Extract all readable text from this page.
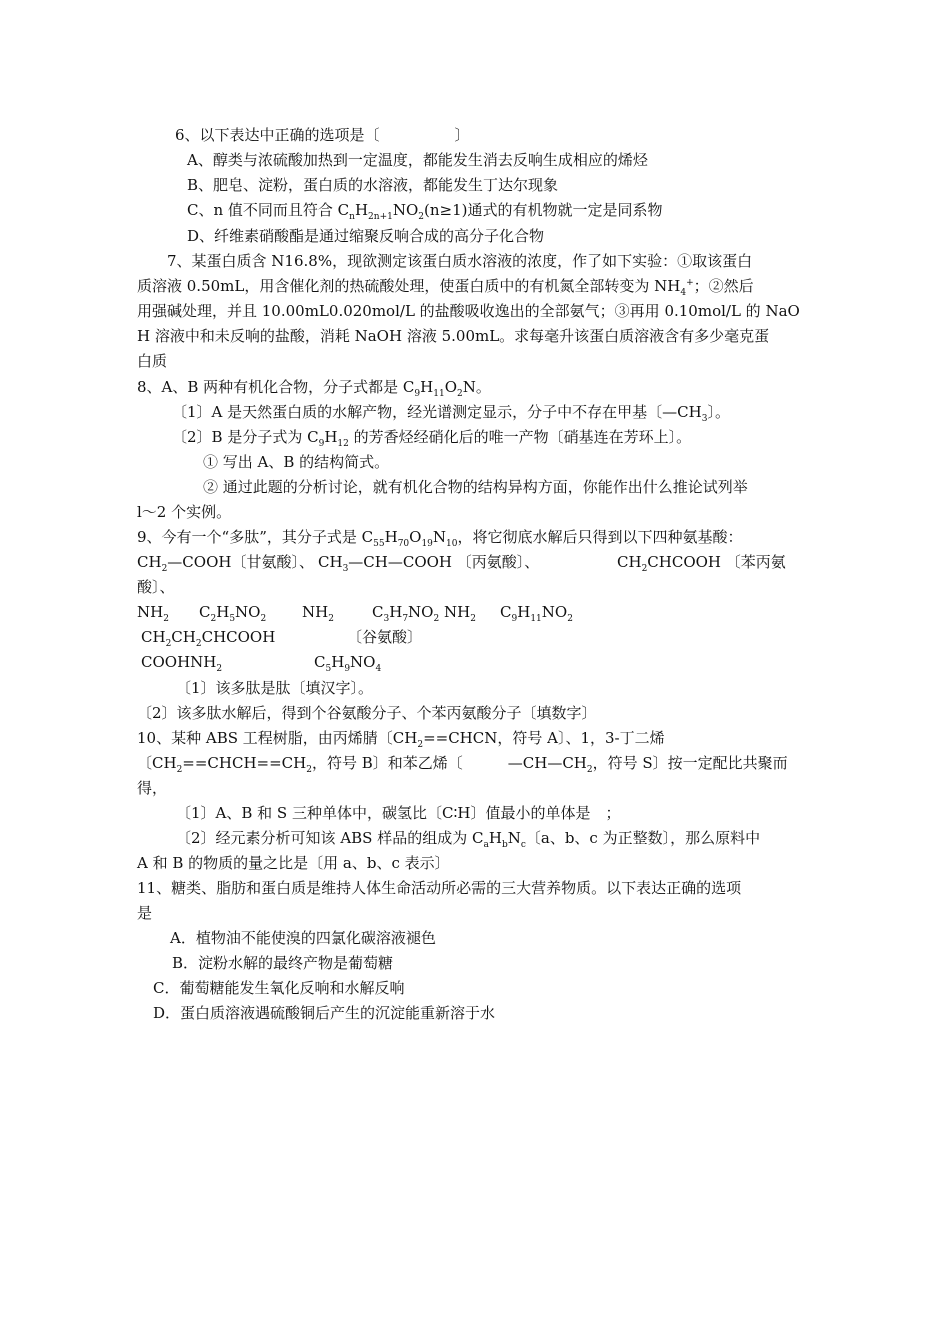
6、以下表达中正确的选项是〔　　　　　〕
A、醇类与浓硫酸加热到一定温度，都能发生消去反响生成相应的烯烃
B、肥皂、淀粉，蛋白质的水溶液，都能发生丁达尔现象
C、n 值不同而且符合 $C_nH_{2n+1}NO_2(n\ge 1)$通式的有机物就一定是同系物
D、纤维素硝酸酯是通过缩聚反响合成的高分子化合物
7、某蛋白质含 N16.8%，现欲测定该蛋白质水溶液的浓度，作了如下实验：①取该蛋白
质溶液 0.50mL，用含催化剂的热硫酸处理，使蛋白质中的有机氮全部转变为 $NH_4^+$；②然后
用强碱处理，并且 10.00mL0.020mol/L 的盐酸吸收逸出的全部氨气；③再用 0.10mol/L 的 NaO
H 溶液中和未反响的盐酸，消耗 NaOH 溶液 5.00mL。求每毫升该蛋白质溶液含有多少毫克蛋
白质
8、A、B 两种有机化合物，分子式都是 $C_9H_{11}O_2N$。
〔1〕A 是天然蛋白质的水解产物，经光谱测定显示，分子中不存在甲基〔$—CH_3$〕。
〔2〕B 是分子式为 $C_9H_{12}$ 的芳香烃经硝化后的唯一产物〔硝基连在芳环上〕。
① 写出 A、B 的结构简式。
② 通过此题的分析讨论，就有机化合物的结构异构方面，你能作出什么推论试列举
l～2 个实例。
9、今有一个“多肽”，其分子式是 $C_{55}H_{70}O_{19}N_{10}$，将它彻底水解后只得到以下四种氨基酸：
$CH_2—COOH$〔甘氨酸〕、 $CH_3—CH—COOH$ 〔丙氨酸〕、	$CH_2CHCOOH$ 〔苯丙氨
酸〕、
$NH_2$ $C_2H_5NO_2$ $NH_2$	$C_3H_7NO_2$ $NH_2$ $C_9H_{11}NO_2$
$CH_2CH_2CHCOOH$	〔谷氨酸〕
$COOHNH_2$	$C_5H_9NO_4$
〔1〕该多肽是肽〔填汉字〕。
〔2〕该多肽水解后，得到个谷氨酸分子、个苯丙氨酸分子〔填数字〕
10、某种 ABS 工程树脂，由丙烯腈〔$CH_2==CHCN$，符号 A〕、1，3-丁二烯
〔$CH_2==CHCH==CH_2$，符号 B〕和苯乙烯〔　　　$—CH—CH_2$，符号 S〕按一定配比共聚而
得，
〔1〕A、B 和 S 三种单体中，碳氢比〔C∶H〕值最小的单体是　；
〔2〕经元素分析可知该 ABS 样品的组成为 $C_aH_bN_c$〔a、b、c 为正整数〕，那么原料中
A 和 B 的物质的量之比是〔用 a、b、c 表示〕
11、糖类、脂肪和蛋白质是维持人体生命活动所必需的三大营养物质。以下表达正确的选项
是
A．植物油不能使溴的四氯化碳溶液褪色
B．淀粉水解的最终产物是葡萄糖
C．葡萄糖能发生氧化反响和水解反响
D．蛋白质溶液遇硫酸铜后产生的沉淀能重新溶于水
